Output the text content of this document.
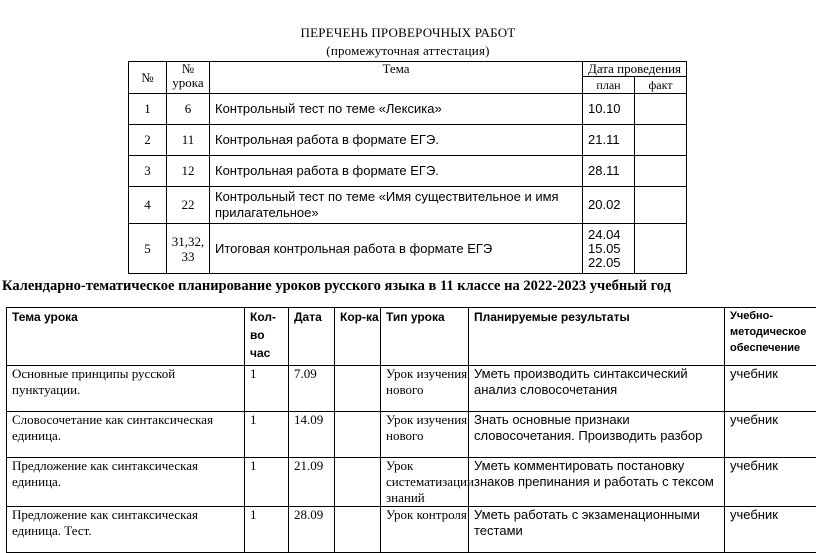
ПЕРЕЧЕНЬ ПРОВЕРОЧНЫХ РАБОТ
(промежуточная аттестация)
№	№ урока	Тема	Дата проведения	
			план	факт
1	6	Контрольный тест по теме «Лексика»	10.10	
2	11	Контрольная работа в формате ЕГЭ.	21.11	
3	12	Контрольная работа в формате ЕГЭ.	28.11	
4	22	Контрольный тест по теме «Имя существительное и имя прилагательное»	20.02	
5	31,32, 33	Итоговая контрольная работа в формате ЕГЭ	24.04 15.05 22.05	
Календарно-тематическое планирование уроков русского языка в 11 классе на 2022-2023 учебный год
Тема урока	Кол-во час	Дата	Кор-ка	Тип урока	Планируемые результаты	Учебно-методическое обеспечение
Основные принципы русской пунктуации.	1	7.09		Урок изучения нового	Уметь производить синтаксический анализ словосочетания	учебник
Словосочетание как синтаксическая единица.	1	14.09		Урок изучения нового	Знать основные признаки словосочетания. Производить разбор	учебник
Предложение как синтаксическая единица.	1	21.09		Урок систематизации знаний	Уметь комментировать постановку знаков препинания и работать с тексом	учебник
Предложение как синтаксическая единица. Тест.	1	28.09		Урок контроля	Уметь работать с экзаменационными тестами	учебник
